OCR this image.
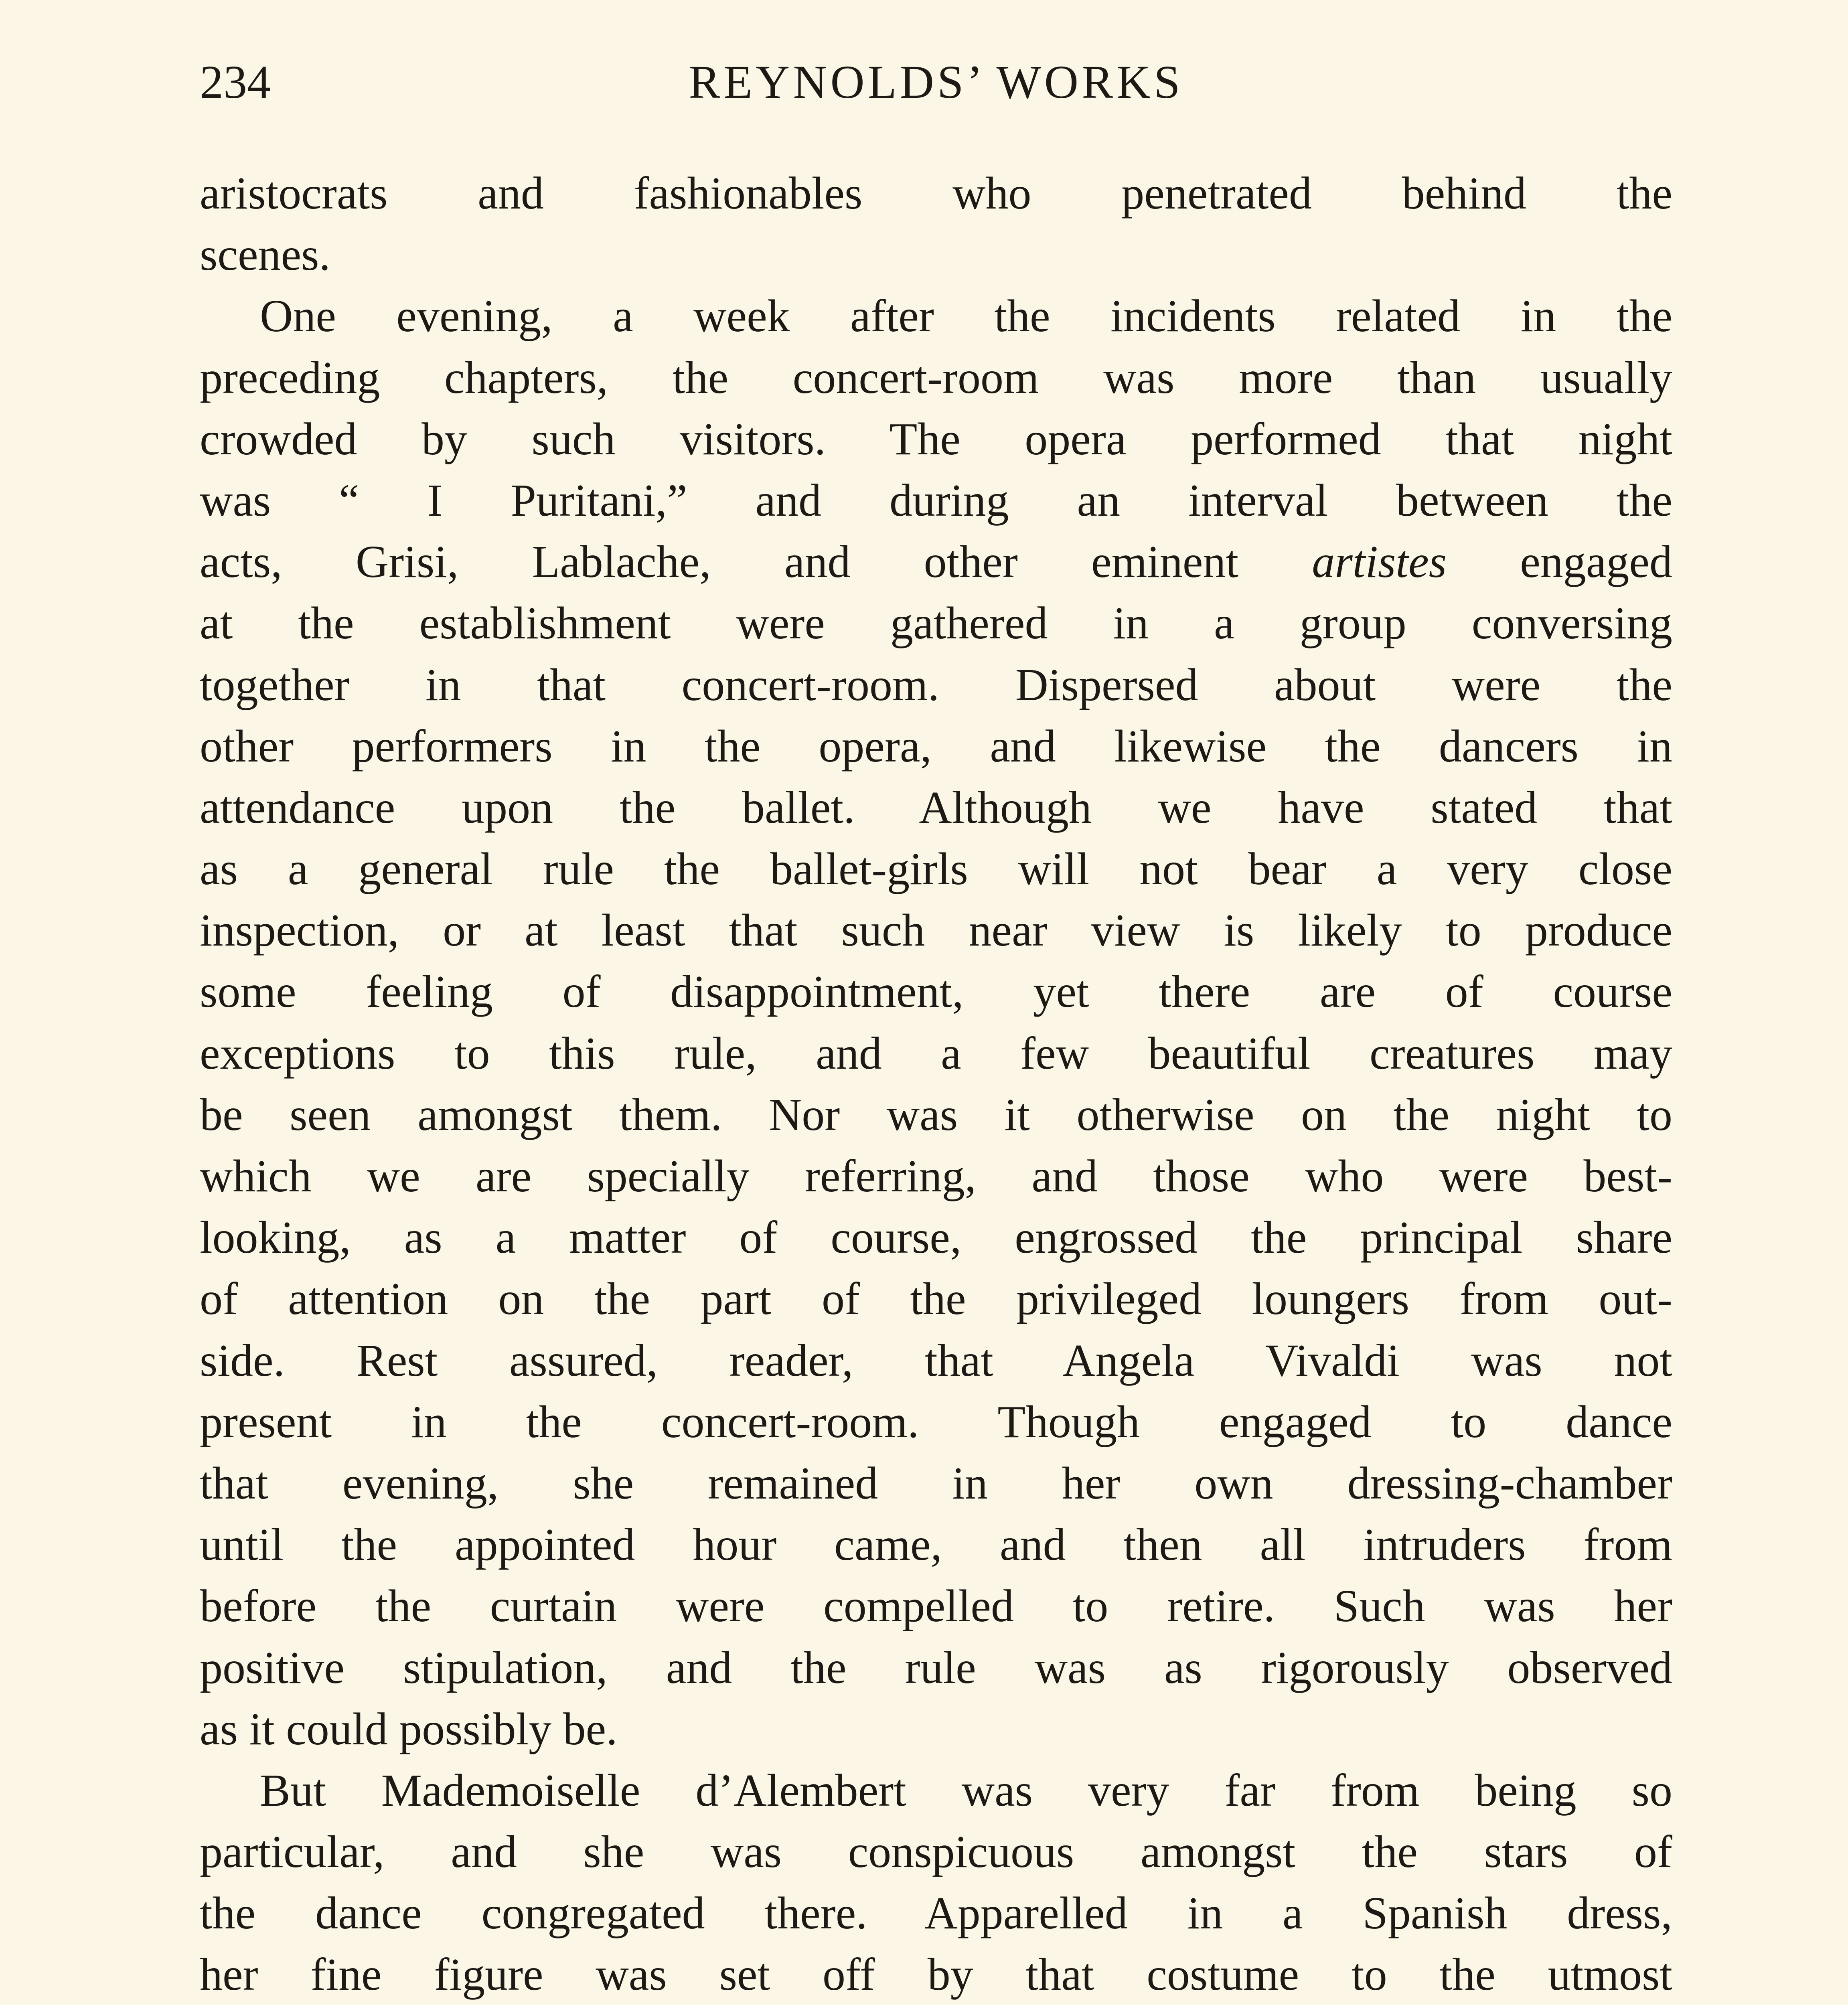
234	REYNOLDS’ WORKS
aristocrats and fashionables who penetrated behind the
scenes.
One evening, a week after the incidents related in the
preceding chapters, the concert-room was more than usually
crowded by such visitors. The opera performed that night
was “ I Puritani,” and during an interval between the
acts, Grisi, Lablache, and other eminent artistes engaged
at the establishment were gathered in a group conversing
together in that concert-room. Dispersed about were the
other performers in the opera, and likewise the dancers in
attendance upon the ballet. Although we have stated that
as a general rule the ballet-girls will not bear a very close
inspection, or at least that such near view is likely to produce
some feeling of disappointment, yet there are of course
exceptions to this rule, and a few beautiful creatures may
be seen amongst them. Nor was it otherwise on the night to
which we are specially referring, and those who were best-
looking, as a matter of course, engrossed the principal share
of attention on the part of the privileged loungers from out-
side. Rest assured, reader, that Angela Vivaldi was not
present in the concert-room. Though engaged to dance
that evening, she remained in her own dressing-chamber
until the appointed hour came, and then all intruders from
before the curtain were compelled to retire. Such was her
positive stipulation, and the rule was as rigorously observed
as it could possibly be.
But Mademoiselle d’Alembert was very far from being so
particular, and she was conspicuous amongst the stars of
the dance congregated there. Apparelled in a Spanish dress,
her fine figure was set off by that costume to the utmost
